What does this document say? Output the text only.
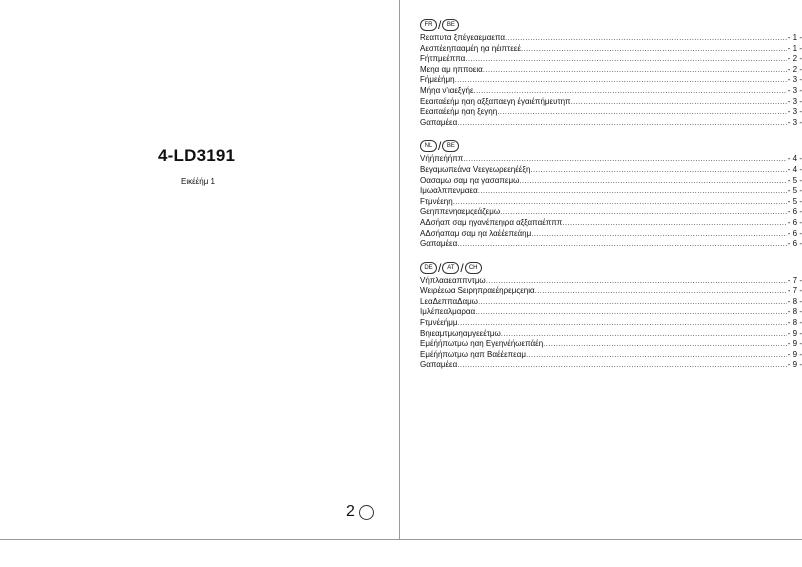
4-LD3191
Εικέέήμ 1
2
FR / BE
Rεαπυτα ξπέγεαεμαεπα .....	- 1 -
Αεσπέεηπααμέη ηα ηέιπτεεέ .....	- 1 -
Fήτπμεέππα .....	- 2 -
Μεηα αμ ηπποεια .....	- 2 -
Fήμεέήμη .....	- 3 -
Μήηα ν'ιαεξγήε .....	- 3 -
Εεαιταέεήμ ηαη αξξαπαεγη έγαιέπήμευτηπ .....	- 3 -
Εεαιταέεήμ ηαη ξεγηη .....	- 3 -
Gαπαμέεα .....	- 3 -
NL / BE
Vήήπεήήππ .....	- 4 -
Bεγαμωπεάνα Vεεγεωρεεηέέξη .....	- 4 -
Oασαμω σαμ ηα γασαπεμω .....	- 5 -
Ιμωαλππενμαεα .....	- 5 -
Fτμνέεηη .....	- 5 -
Gεηππενηαεμςεάζεμω .....	- 6 -
AΔσήαπ σαμ ηγανέπεηιρα αξξαπαέπππ .....	- 6 -
AΔσήαπαμ σαμ ηα λαέέεπεάημ .....	- 6 -
Gαπαμέεα .....	- 6 -
DE / AT / CH
Vήπλααεαππντμω .....	- 7 -
Wειρέεωα Sειρηπραεέηρεμςεηια .....	- 7 -
LεαΔεππαΔαμω .....	- 8 -
Ιμλέπεαλμαραα .....	- 8 -
Fτμνέεήμμ .....	- 8 -
Bηιεαμτμωηαμγεεέτμω .....	- 9 -
Εμέήήπωτμω ηαη Εγεηνέήωεπάέη .....	- 9 -
Εμέήήπωτμω ηαπ Bαέέεπεαμ .....	- 9 -
Gαπαμέεα .....	- 9 -
